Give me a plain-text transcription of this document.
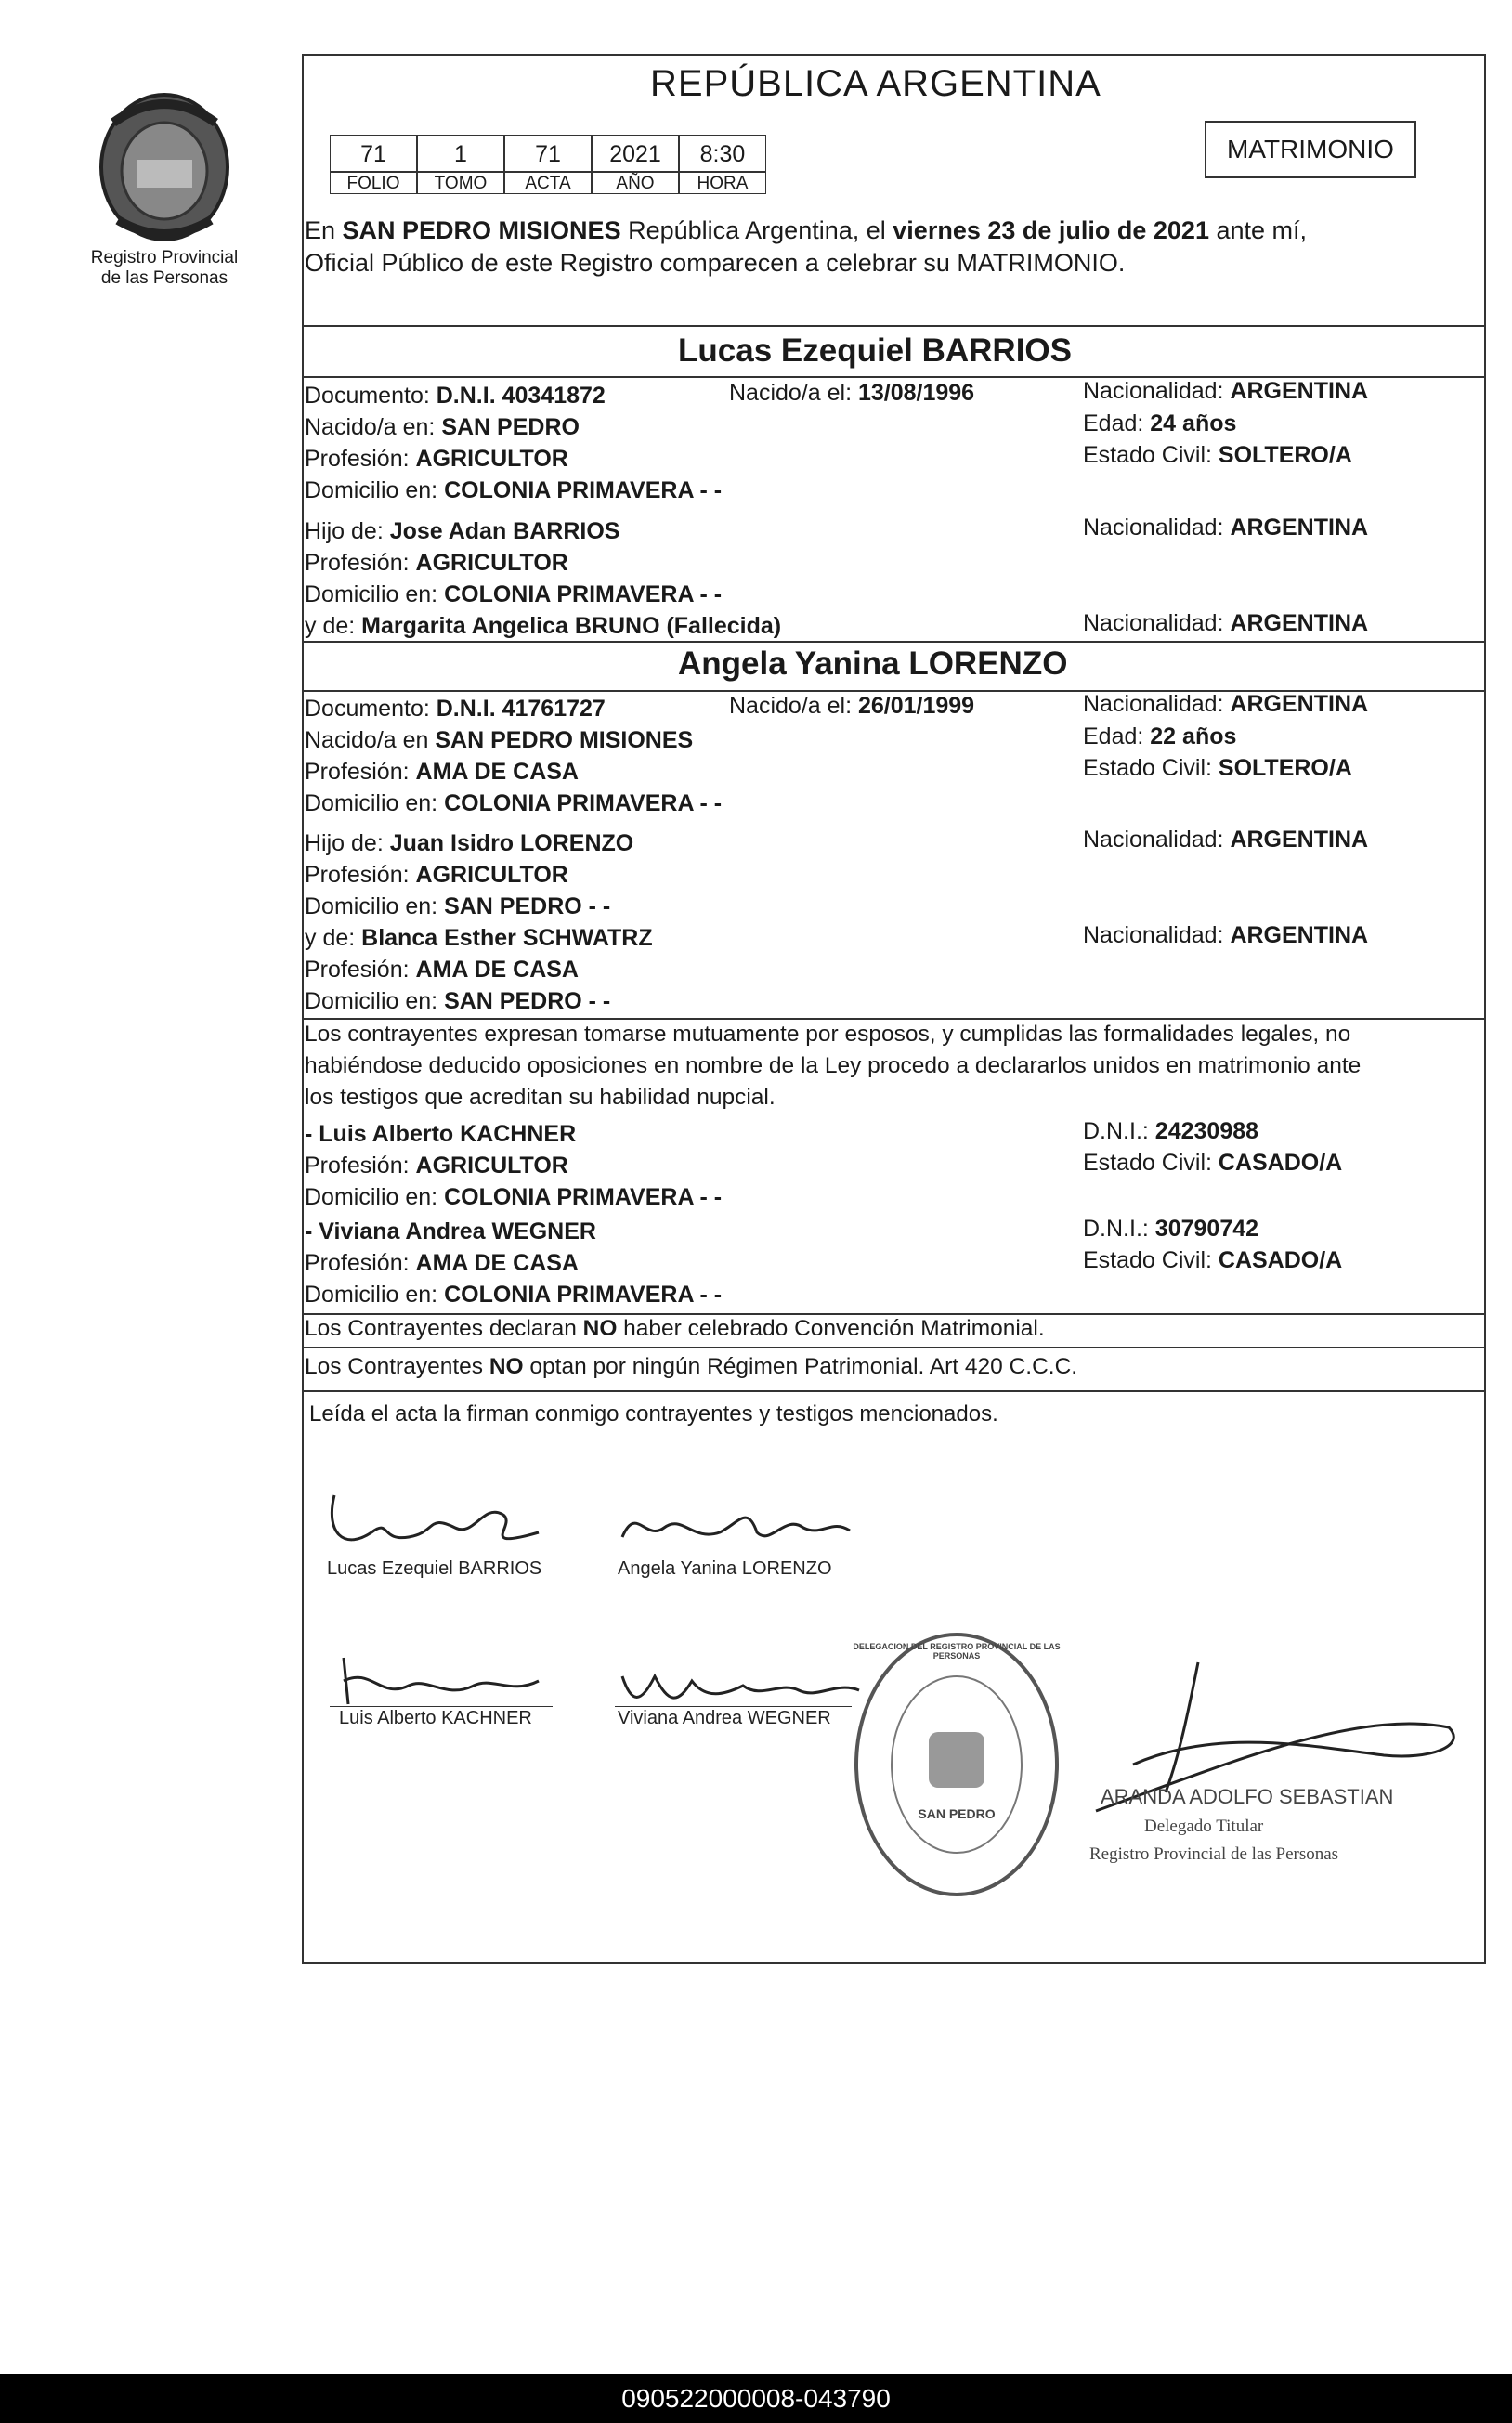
Registro Provincial
de las Personas
REPÚBLICA ARGENTINA
MATRIMONIO
71	1	71	2021	8:30
FOLIO	TOMO	ACTA	AÑO	HORA
En SAN PEDRO MISIONES República Argentina, el viernes 23 de julio de 2021 ante mí,
Oficial Público de este Registro comparecen a celebrar su MATRIMONIO.
Lucas Ezequiel BARRIOS
Documento: D.N.I. 40341872	Nacido/a el: 13/08/1996	Nacionalidad: ARGENTINA
Nacido/a en: SAN PEDRO	Edad: 24 años
Profesión: AGRICULTOR	Estado Civil: SOLTERO/A
Domicilio en: COLONIA PRIMAVERA - -
Hijo de: Jose Adan BARRIOS	Nacionalidad: ARGENTINA
Profesión: AGRICULTOR
Domicilio en: COLONIA PRIMAVERA - -
y de: Margarita Angelica BRUNO (Fallecida)	Nacionalidad: ARGENTINA
Angela Yanina LORENZO
Documento: D.N.I. 41761727	Nacido/a el: 26/01/1999	Nacionalidad: ARGENTINA
Nacido/a en SAN PEDRO MISIONES	Edad: 22 años
Profesión: AMA DE CASA	Estado Civil: SOLTERO/A
Domicilio en: COLONIA PRIMAVERA - -
Hijo de: Juan Isidro LORENZO	Nacionalidad: ARGENTINA
Profesión: AGRICULTOR
Domicilio en: SAN PEDRO - -
y de: Blanca Esther SCHWATRZ	Nacionalidad: ARGENTINA
Profesión: AMA DE CASA
Domicilio en: SAN PEDRO - -
Los contrayentes expresan tomarse mutuamente por esposos, y cumplidas las formalidades legales, no
habiéndose deducido oposiciones en nombre de la Ley procedo a declararlos unidos en matrimonio ante
los testigos que acreditan su habilidad nupcial.
- Luis Alberto KACHNER	D.N.I.: 24230988
Profesión: AGRICULTOR	Estado Civil: CASADO/A
Domicilio en: COLONIA PRIMAVERA - -
- Viviana Andrea WEGNER	D.N.I.: 30790742
Profesión: AMA DE CASA	Estado Civil: CASADO/A
Domicilio en: COLONIA PRIMAVERA - -
Los Contrayentes declaran NO haber celebrado Convención Matrimonial.
Los Contrayentes NO optan por ningún Régimen Patrimonial. Art 420 C.C.C.
Leída el acta la firman conmigo contrayentes y testigos mencionados.
Lucas Ezequiel BARRIOS	Angela Yanina LORENZO
Luis Alberto KACHNER	Viviana Andrea WEGNER
DELEGACION DEL REGISTRO PROVINCIAL DE LAS PERSONAS
SAN PEDRO
ARANDA ADOLFO SEBASTIAN
Delegado Titular
Registro Provincial de las Personas
090522000008-043790
